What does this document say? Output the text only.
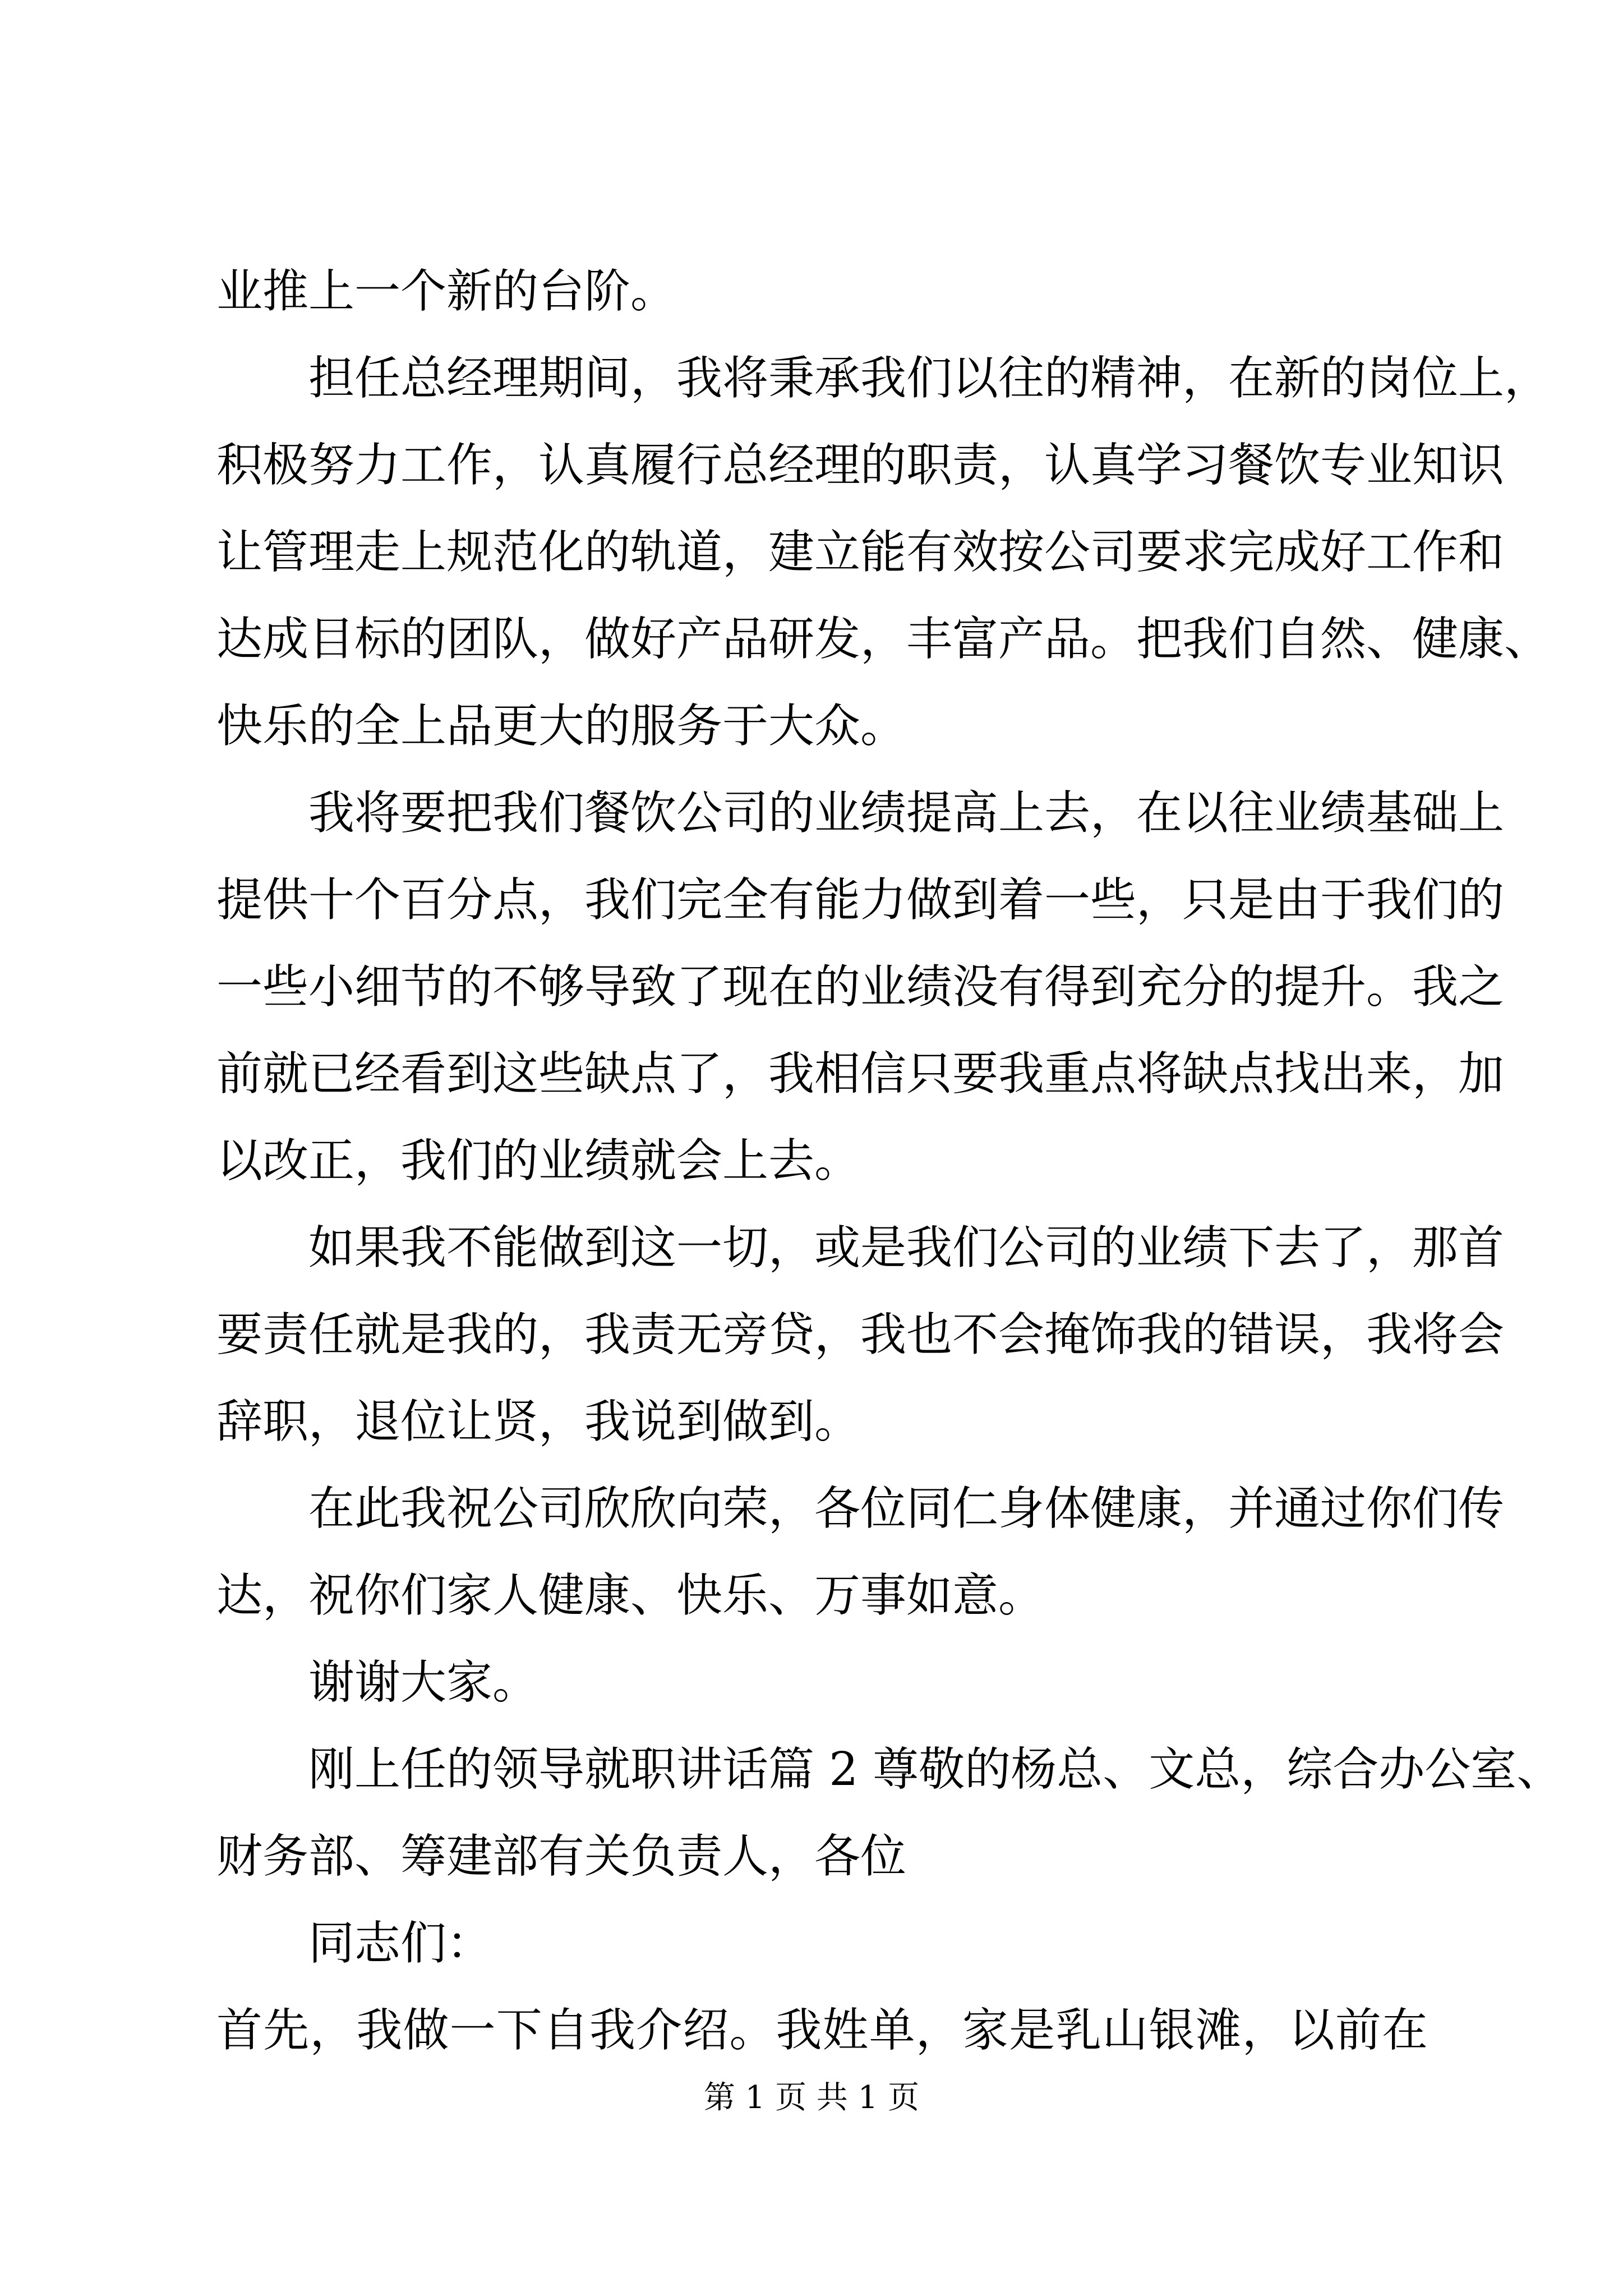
业推上一个新的台阶。
担任总经理期间，我将秉承我们以往的精神，在新的岗位上，
积极努力工作，认真履行总经理的职责，认真学习餐饮专业知识
让管理走上规范化的轨道，建立能有效按公司要求完成好工作和
达成目标的团队，做好产品研发，丰富产品。把我们自然、健康、
快乐的全上品更大的服务于大众。
我将要把我们餐饮公司的业绩提高上去，在以往业绩基础上
提供十个百分点，我们完全有能力做到着一些，只是由于我们的
一些小细节的不够导致了现在的业绩没有得到充分的提升。我之
前就已经看到这些缺点了，我相信只要我重点将缺点找出来，加
以改正，我们的业绩就会上去。
如果我不能做到这一切，或是我们公司的业绩下去了，那首
要责任就是我的，我责无旁贷，我也不会掩饰我的错误，我将会
辞职，退位让贤，我说到做到。
在此我祝公司欣欣向荣，各位同仁身体健康，并通过你们传
达，祝你们家人健康、快乐、万事如意。
谢谢大家。
刚上任的领导就职讲话篇 2 尊敬的杨总、文总，综合办公室、
财务部、筹建部有关负责人，各位
同志们：
首先，我做一下自我介绍。我姓单，家是乳山银滩，以前在
第 1 页 共 1 页
